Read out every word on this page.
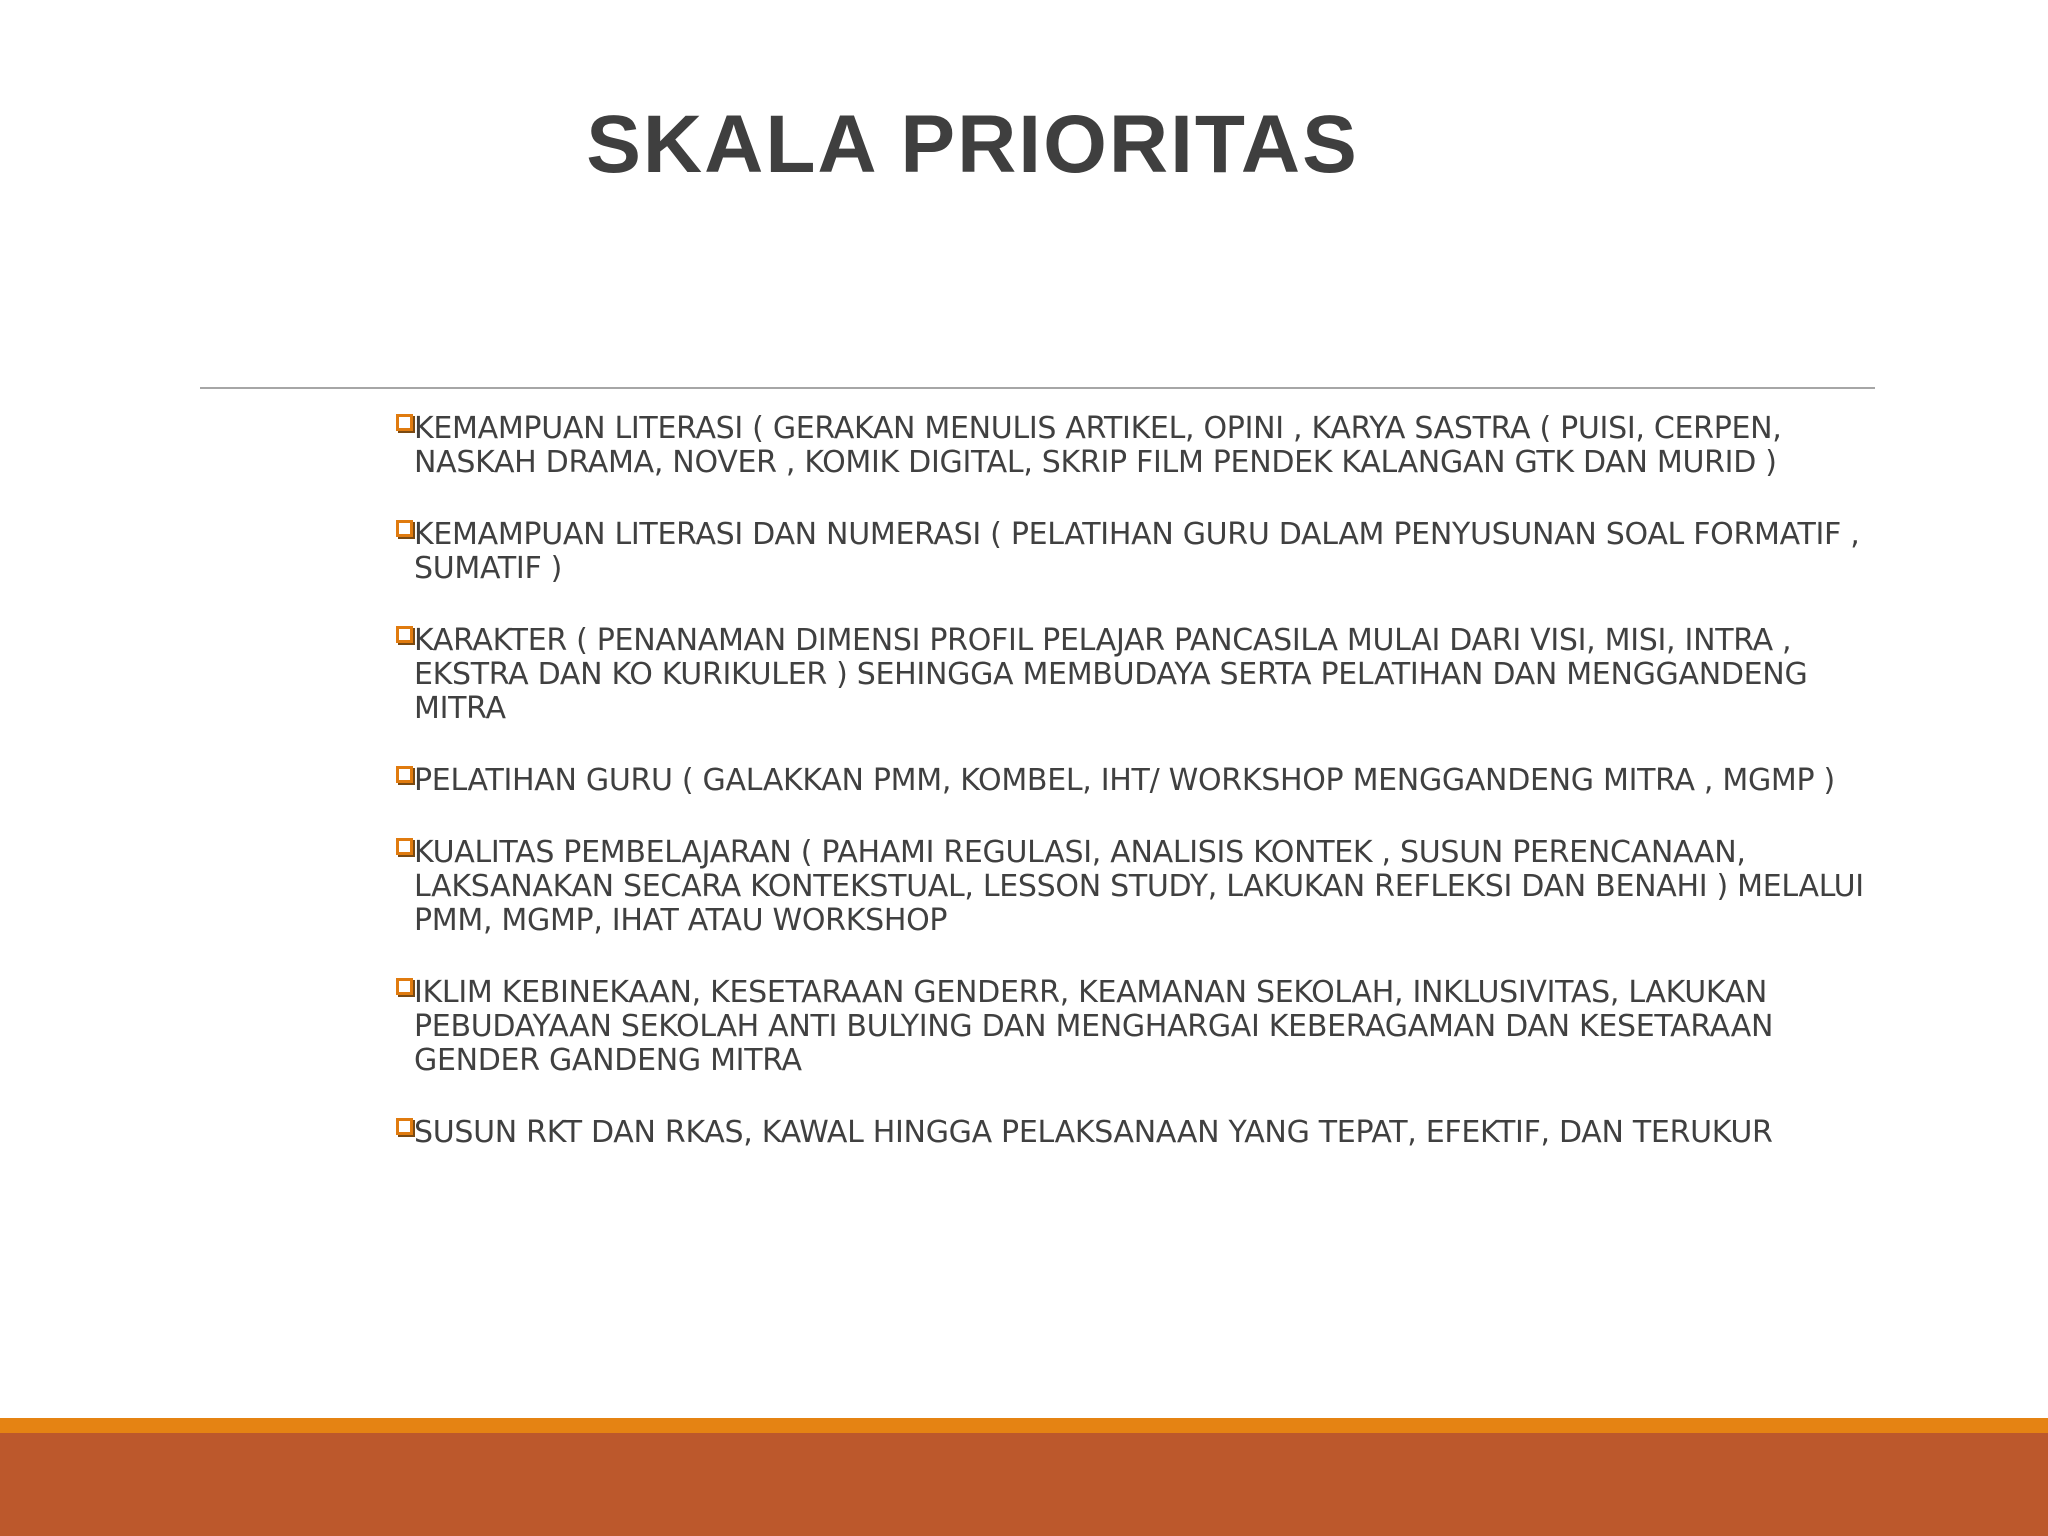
SKALA PRIORITAS
KEMAMPUAN LITERASI ( GERAKAN MENULIS ARTIKEL, OPINI , KARYA SASTRA ( PUISI, CERPEN, NASKAH DRAMA, NOVER , KOMIK DIGITAL, SKRIP FILM PENDEK KALANGAN GTK DAN MURID )
KEMAMPUAN LITERASI DAN NUMERASI ( PELATIHAN GURU DALAM PENYUSUNAN SOAL FORMATIF , SUMATIF )
KARAKTER ( PENANAMAN DIMENSI PROFIL PELAJAR PANCASILA MULAI DARI VISI, MISI, INTRA , EKSTRA DAN KO KURIKULER ) SEHINGGA MEMBUDAYA SERTA PELATIHAN DAN MENGGANDENG MITRA
PELATIHAN GURU ( GALAKKAN PMM, KOMBEL, IHT/ WORKSHOP MENGGANDENG MITRA , MGMP )
KUALITAS PEMBELAJARAN ( PAHAMI REGULASI, ANALISIS KONTEK , SUSUN PERENCANAAN, LAKSANAKAN SECARA KONTEKSTUAL, LESSON STUDY, LAKUKAN REFLEKSI DAN BENAHI ) MELALUI PMM, MGMP, IHAT ATAU WORKSHOP
IKLIM KEBINEKAAN, KESETARAAN GENDERR, KEAMANAN SEKOLAH, INKLUSIVITAS, LAKUKAN PEBUDAYAAN SEKOLAH ANTI BULYING DAN MENGHARGAI KEBERAGAMAN DAN KESETARAAN GENDER GANDENG MITRA
SUSUN RKT DAN RKAS, KAWAL HINGGA PELAKSANAAN YANG TEPAT, EFEKTIF, DAN TERUKUR
